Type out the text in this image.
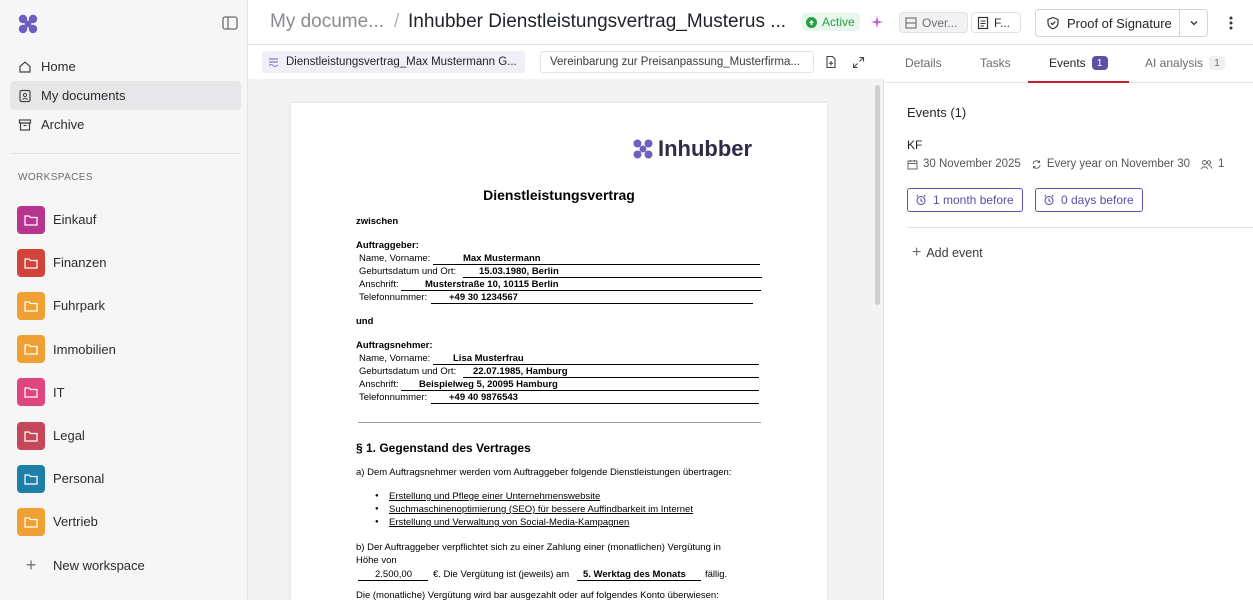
Home
My documents
Archive
WORKSPACES
Einkauf
Finanzen
Fuhrpark
Immobilien
IT
Legal
Personal
Vertrieb
+	New workspace
My docume... / Inhubber Dienstleistungsvertrag_Musterus ...	Active	Over...	F...	Proof of Signature
Dienstleistungsvertrag_Max Mustermann G...	Vereinbarung zur Preisanpassung_Musterfirma...
Inhubber
Dienstleistungsvertrag
zwischen
Auftraggeber:
Name, Vorname:	Max Mustermann
Geburtsdatum und Ort: 15.03.1980, Berlin
Anschrift:	Musterstraße 10, 10115 Berlin
Telefonnummer: +49 30 1234567
und
Auftragsnehmer:
Name, Vorname: Lisa Musterfrau
Geburtsdatum und Ort: 22.07.1985, Hamburg
Anschrift: Beispielweg 5, 20095 Hamburg
Telefonnummer: +49 40 9876543
§ 1. Gegenstand des Vertrages
a) Dem Auftragsnehmer werden vom Auftraggeber folgende Dienstleistungen übertragen:
● Erstellung und Pflege einer Unternehmenswebsite
● Suchmaschinenoptimierung (SEO) für bessere Auffindbarkeit im Internet
● Erstellung und Verwaltung von Social-Media-Kampagnen
b) Der Auftraggeber verpflichtet sich zu einer Zahlung einer (monatlichen) Vergütung in
Höhe von
2.500,00 €. Die Vergütung ist (jeweils) am 5. Werktag des Monats fällig.
Die (monatliche) Vergütung wird bar ausgezahlt oder auf folgendes Konto überwiesen:
Details	Tasks	Events	1	AI analysis	1
Events (1)
KF
30 November 2025 Every year on November 30 1
1 month before	0 days before
+ Add event
